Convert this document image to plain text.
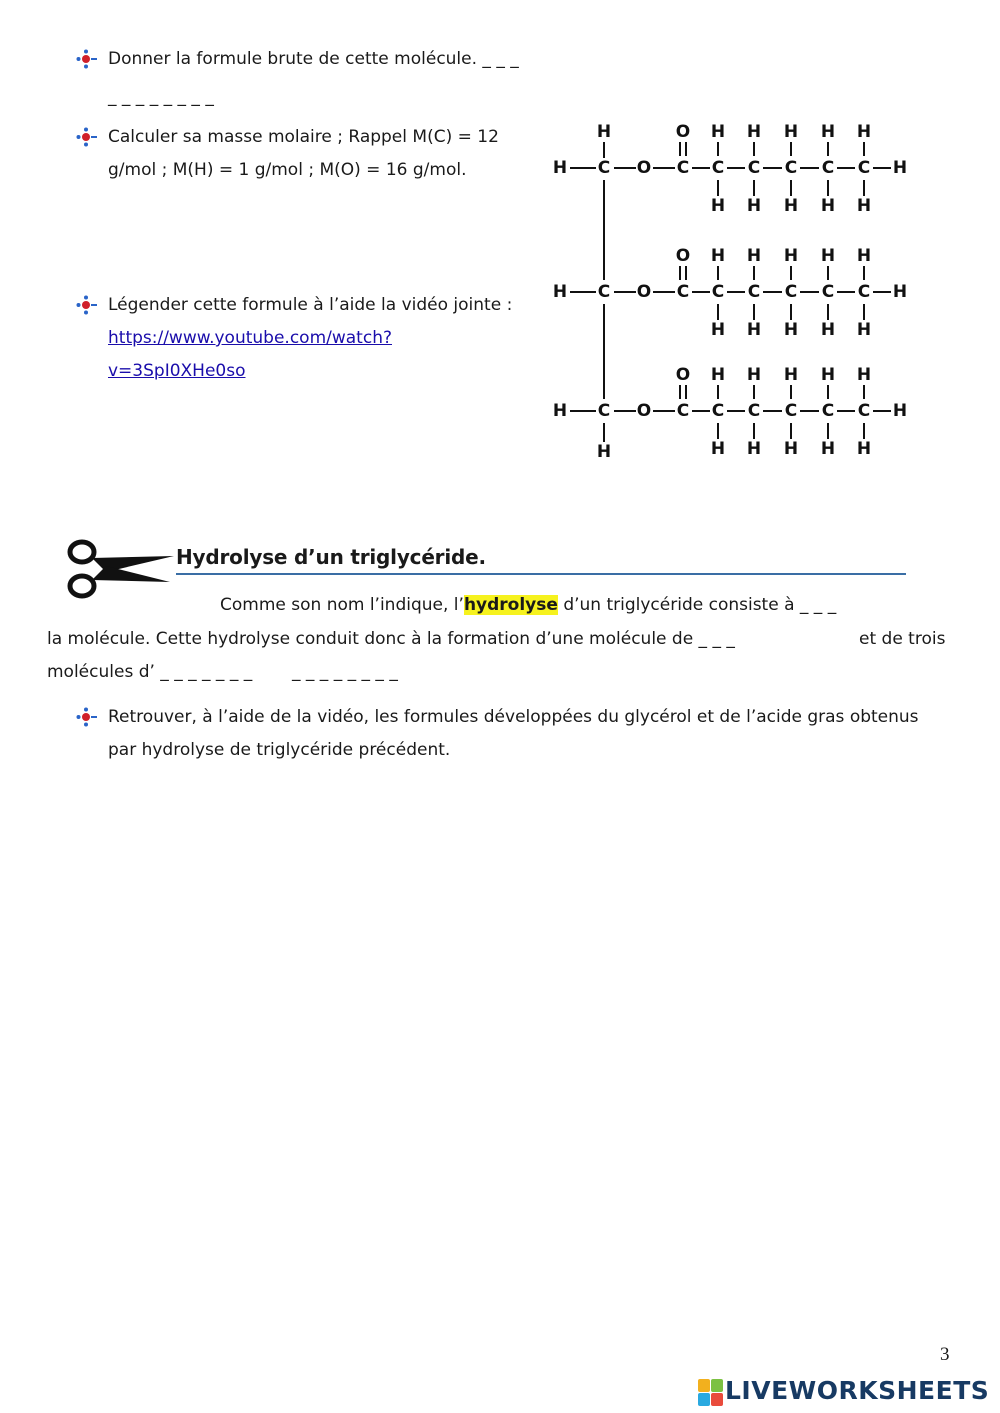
Donner la formule brute de cette molécule. _ _ _
_ _ _ _ _ _ _ _
Calculer sa masse molaire ; Rappel M(C) = 12
g/mol ; M(H) = 1 g/mol ; M(O) = 16 g/mol.
Légender cette formule à l’aide la vidéo jointe :
https://www.youtube.com/watch?
v=3SpI0XHe0so
H C O C
O
C
H
H
C
H
H
C
H
H
C
H
H
C
H
H
H
H C O C
O
C
H
H
C
H
H
C
H
H
C
H
H
C
H
H
H
H C O C
O
C
H
H
C
H
H
C
H
H
C
H
H
C
H
H
H
H
H
Hydrolyse d’un triglycéride.
Comme son nom l’indique, l’hydrolyse d’un triglycéride consiste à _ _ _
la molécule. Cette hydrolyse conduit donc à la formation d’une molécule de _ _ _	et de trois
molécules d’ _ _ _ _ _ _ _ _ _ _ _ _ _ _ _
Retrouver, à l’aide de la vidéo, les formules développées du glycérol et de l’acide gras obtenus
par hydrolyse de triglycéride précédent.
3
LIVEWORKSHEETS
